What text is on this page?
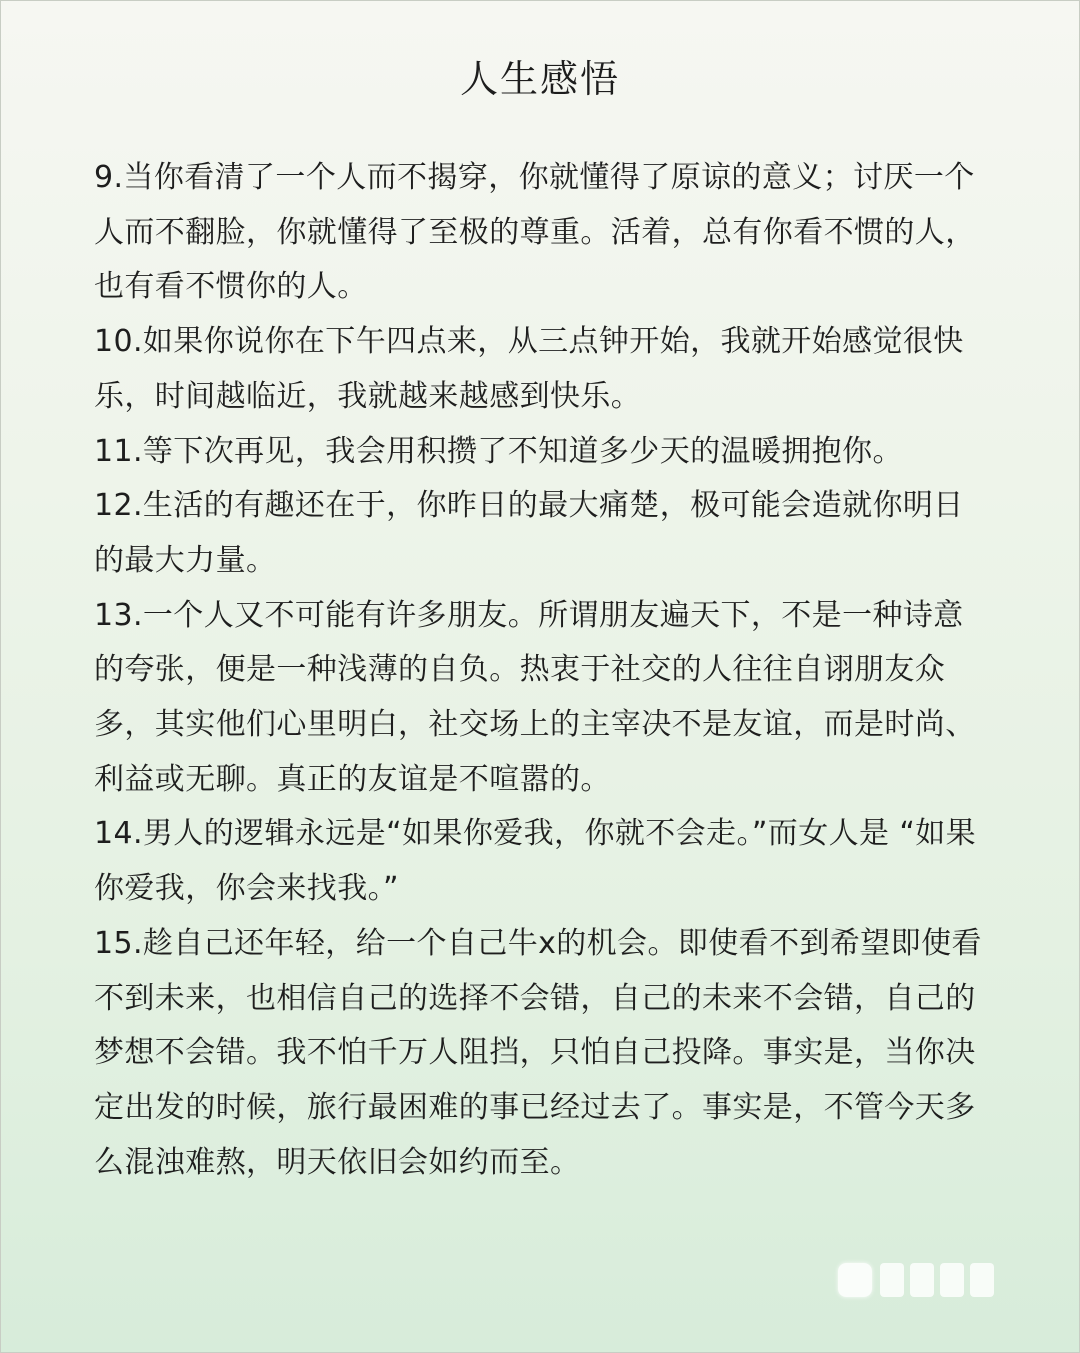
人生感悟

9.当你看清了一个人而不揭穿，你就懂得了原谅的意义；讨厌一个人而不翻脸，你就懂得了至极的尊重。活着，总有你看不惯的人，也有看不惯你的人。

10.如果你说你在下午四点来，从三点钟开始，我就开始感觉很快乐，时间越临近，我就越来越感到快乐。

11.等下次再见，我会用积攒了不知道多少天的温暖拥抱你。

12.生活的有趣还在于，你昨日的最大痛楚，极可能会造就你明日的最大力量。

13.一个人又不可能有许多朋友。所谓朋友遍天下，不是一种诗意的夸张，便是一种浅薄的自负。热衷于社交的人往往自诩朋友众多，其实他们心里明白，社交场上的主宰决不是友谊，而是时尚、利益或无聊。真正的友谊是不喧嚣的。

14.男人的逻辑永远是“如果你爱我，你就不会走。”而女人是 “如果你爱我，你会来找我。”

15.趁自己还年轻，给一个自己牛x的机会。即使看不到希望即使看不到未来，也相信自己的选择不会错，自己的未来不会错，自己的梦想不会错。我不怕千万人阻挡，只怕自己投降。事实是，当你决定出发的时候，旅行最困难的事已经过去了。事实是，不管今天多么混浊难熬，明天依旧会如约而至。
